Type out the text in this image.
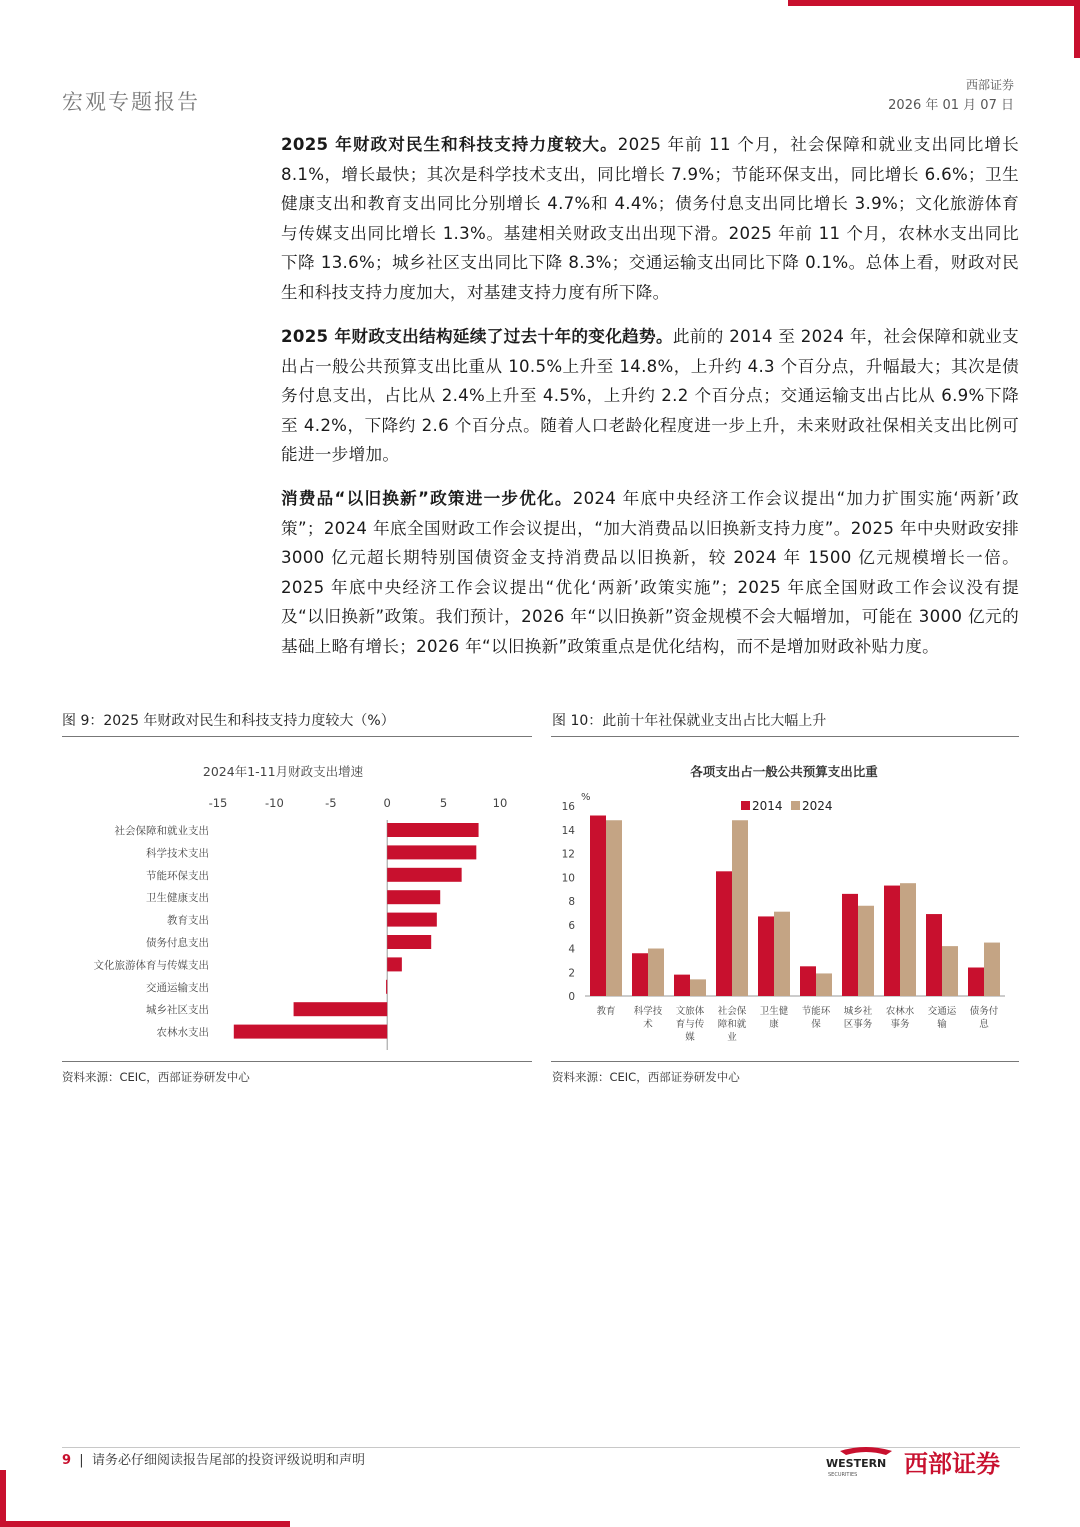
宏观专题报告
西部证券
2026 年 01 月 07 日
2025 年财政对民生和科技支持力度较大。2025 年前 11 个月，社会保障和就业支出同比增长 8.1%，增长最快；其次是科学技术支出，同比增长 7.9%；节能环保支出，同比增长 6.6%；卫生健康支出和教育支出同比分别增长 4.7%和 4.4%；债务付息支出同比增长 3.9%；文化旅游体育与传媒支出同比增长 1.3%。基建相关财政支出出现下滑。2025 年前 11 个月，农林水支出同比下降 13.6%；城乡社区支出同比下降 8.3%；交通运输支出同比下降 0.1%。总体上看，财政对民生和科技支持力度加大，对基建支持力度有所下降。
2025 年财政支出结构延续了过去十年的变化趋势。此前的 2014 至 2024 年，社会保障和就业支出占一般公共预算支出比重从 10.5%上升至 14.8%，上升约 4.3 个百分点，升幅最大；其次是债务付息支出，占比从 2.4%上升至 4.5%，上升约 2.2 个百分点；交通运输支出占比从 6.9%下降至 4.2%，下降约 2.6 个百分点。随着人口老龄化程度进一步上升，未来财政社保相关支出比例可能进一步增加。
消费品“以旧换新”政策进一步优化。2024 年底中央经济工作会议提出“加力扩围实施‘两新’政策”；2024 年底全国财政工作会议提出，“加大消费品以旧换新支持力度”。2025 年中央财政安排 3000 亿元超长期特别国债资金支持消费品以旧换新，较 2024 年 1500 亿元规模增长一倍。2025 年底中央经济工作会议提出“优化‘两新’政策实施”；2025 年底全国财政工作会议没有提及“以旧换新”政策。我们预计，2026 年“以旧换新”资金规模不会大幅增加，可能在 3000 亿元的基础上略有增长；2026 年“以旧换新”政策重点是优化结构，而不是增加财政补贴力度。
图 9：2025 年财政对民生和科技支持力度较大（%）	图 10：此前十年社保就业支出占比大幅上升
2024年1-11月财政支出增速
-15	-10	-5	0	5	10
社会保障和就业支出
科学技术支出
节能环保支出
卫生健康支出
教育支出
债务付息支出
文化旅游体育与传媒支出
交通运输支出
城乡社区支出
农林水支出
各项支出占一般公共预算支出比重
%
0
2
4
6
8
10
12
14
16	2014 2024
教育 科学技
术
文旅体
育与传
媒
社会保
障和就
业
卫生健
康
节能环
保
城乡社
区事务
农林水
事务
交通运
输
债务付
息
资料来源：CEIC，西部证券研发中心	资料来源：CEIC，西部证券研发中心
9  |  请务必仔细阅读报告尾部的投资评级说明和声明	WESTERN
SECURITIES 西部证券
